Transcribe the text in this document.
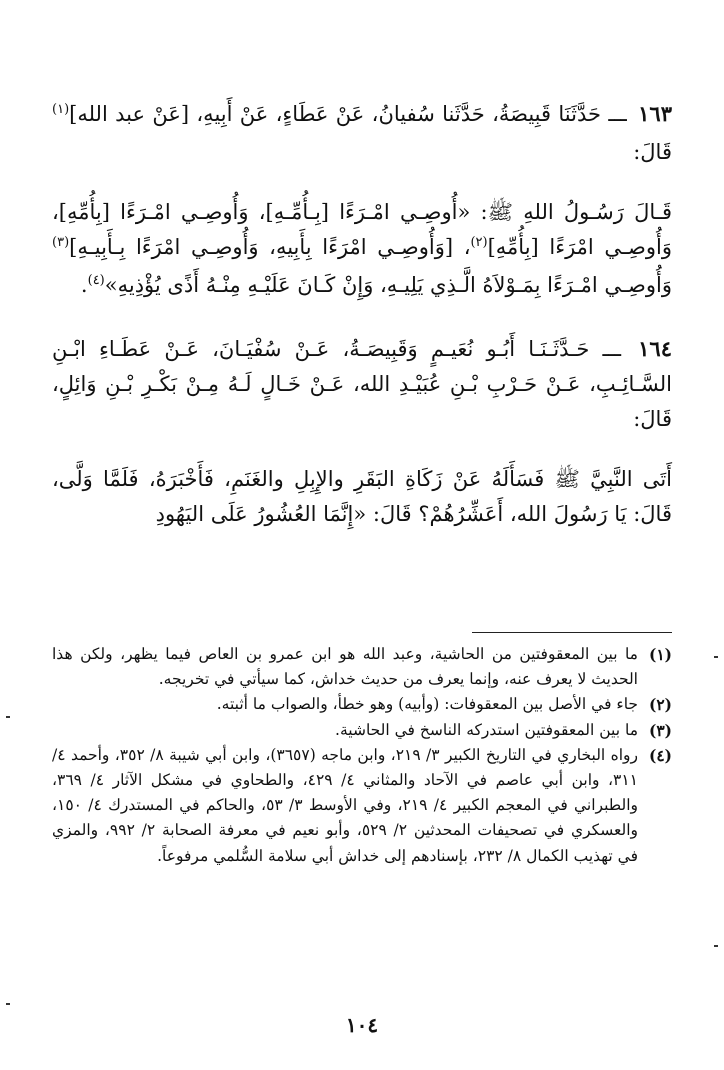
١٦٣ ـــ حَدَّثَنَا قَبِيصَةُ، حَدَّثَنا سُفيانُ، عَنْ عَطَاءٍ، عَنْ أَبِيهِ، [عَنْ عبد الله]$^{(١)}$ قَالَ:

قَـالَ رَسُـولُ اللهِ ﷺ: «أُوصِـي امْـرَءًا [بِـأُمِّـهِ]، وَأُوصِـي امْـرَءًا [بِأُمِّهِ]، وَأُوصِـي امْرَءًا [بِأُمِّهِ]$^{(٢)}$، [وَأُوصِـي امْرَءًا بِأَبِيهِ، وَأُوصِـي امْرَءًا بِـأَبِيـهِ]$^{(٣)}$ وَأُوصِـي امْـرَءًا بِمَـوْلاَهُ الَّـذِي يَلِيـهِ، وَإِنْ كَـانَ عَلَيْـهِ مِنْـهُ أَذًى يُؤْذِيهِ»$^{(٤)}$.

١٦٤ ـــ حَـدَّثَـنَـا أَبُـو نُعَيـمٍ وَقَبِيصَـةُ، عَـنْ سُفْيَـانَ، عَـنْ عَطَـاءِ ابْـنِ السَّـائِـبِ، عَـنْ حَـرْبِ بْـنِ عُبَيْـدِ الله، عَـنْ خَـالٍ لَـهُ مِـنْ بَكْـرِ بْـنِ وَائِلٍ، قَالَ:

أَتَى النَّبِيَّ ﷺ فَسَأَلَهُ عَنْ زَكَاةِ البَقَرِ والإِبِلِ والغَنَمِ، فَأَخْبَرَهُ، فَلَمَّا وَلَّى، قَالَ: يَا رَسُولَ الله، أَعَشِّرُهُمْ؟ قَالَ: «إِنَّمَا العُشُورُ عَلَى اليَهُودِ

(١)
ما بين المعقوفتين من الحاشية، وعبد الله هو ابن عمرو بن العاص فيما يظهر، ولكن هذا الحديث لا يعرف عنه، وإنما يعرف من حديث خداش، كما سيأتي في تخريجه.
(٢)
جاء في الأصل بين المعقوفات: (وأبيه) وهو خطأ، والصواب ما أثبته.
(٣)
ما بين المعقوفتين استدركه الناسخ في الحاشية.
(٤)
رواه البخاري في التاريخ الكبير ٣/ ٢١٩، وابن ماجه (٣٦٥٧)، وابن أبي شيبة ٨/ ٣٥٢، وأحمد ٤/ ٣١١، وابن أبي عاصم في الآحاد والمثاني ٤/ ٤٢٩، والطحاوي في مشكل الآثار ٤/ ٣٦٩، والطبراني في المعجم الكبير ٤/ ٢١٩، وفي الأوسط ٣/ ٥٣، والحاكم في المستدرك ٤/ ١٥٠، والعسكري في تصحيفات المحدثين ٢/ ٥٢٩، وأبو نعيم في معرفة الصحابة ٢/ ٩٩٢، والمزي في تهذيب الكمال ٨/ ٢٣٢، بإسنادهم إلى خداش أبي سلامة السُّلمي مرفوعاً.
١٠٤
